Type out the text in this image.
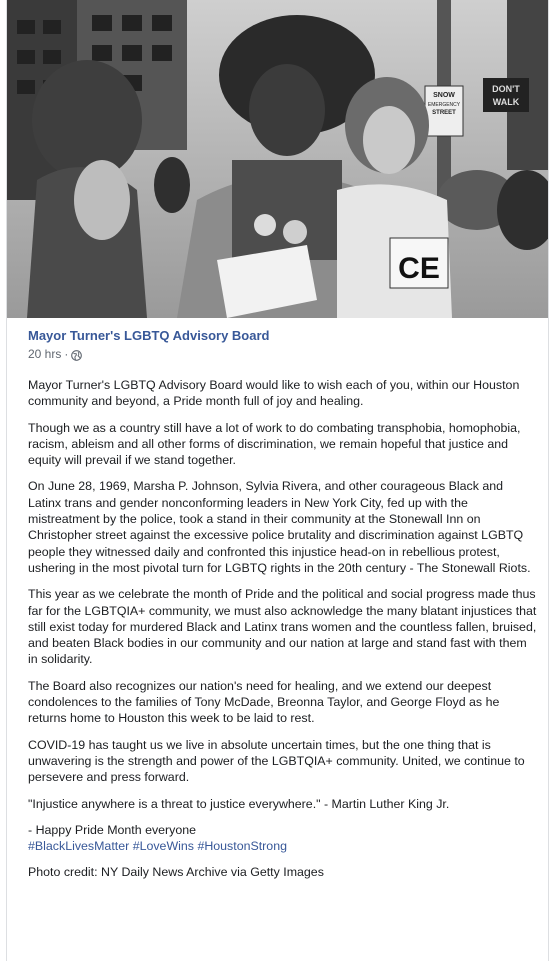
SNOW
EMERGENCY
STREET
DON'T
WALK
CE
Mayor Turner's LGBTQ Advisory Board
20 hrs ·

Mayor Turner's LGBTQ Advisory Board would like to wish each of you, within our Houston community and beyond, a Pride month full of joy and healing.

Though we as a country still have a lot of work to do combating transphobia, homophobia, racism, ableism and all other forms of discrimination, we remain hopeful that justice and equity will prevail if we stand together.

On June 28, 1969, Marsha P. Johnson, Sylvia Rivera, and other courageous Black and Latinx trans and gender nonconforming leaders in New York City, fed up with the mistreatment by the police, took a stand in their community at the Stonewall Inn on Christopher street against the excessive police brutality and discrimination against LGBTQ people they witnessed daily and confronted this injustice head-on in rebellious protest, ushering in the most pivotal turn for LGBTQ rights in the 20th century - The Stonewall Riots.

This year as we celebrate the month of Pride and the political and social progress made thus far for the LGBTQIA+ community, we must also acknowledge the many blatant injustices that still exist today for murdered Black and Latinx trans women and the countless fallen, bruised, and beaten Black bodies in our community and our nation at large and stand fast with them in solidarity.

The Board also recognizes our nation's need for healing, and we extend our deepest condolences to the families of Tony McDade, Breonna Taylor, and George Floyd as he returns home to Houston this week to be laid to rest.

COVID-19 has taught us we live in absolute uncertain times, but the one thing that is unwavering is the strength and power of the LGBTQIA+ community. United, we continue to persevere and press forward.

"Injustice anywhere is a threat to justice everywhere." - Martin Luther King Jr.

- Happy Pride Month everyone
#BlackLivesMatter #LoveWins #HoustonStrong

Photo credit: NY Daily News Archive via Getty Images
